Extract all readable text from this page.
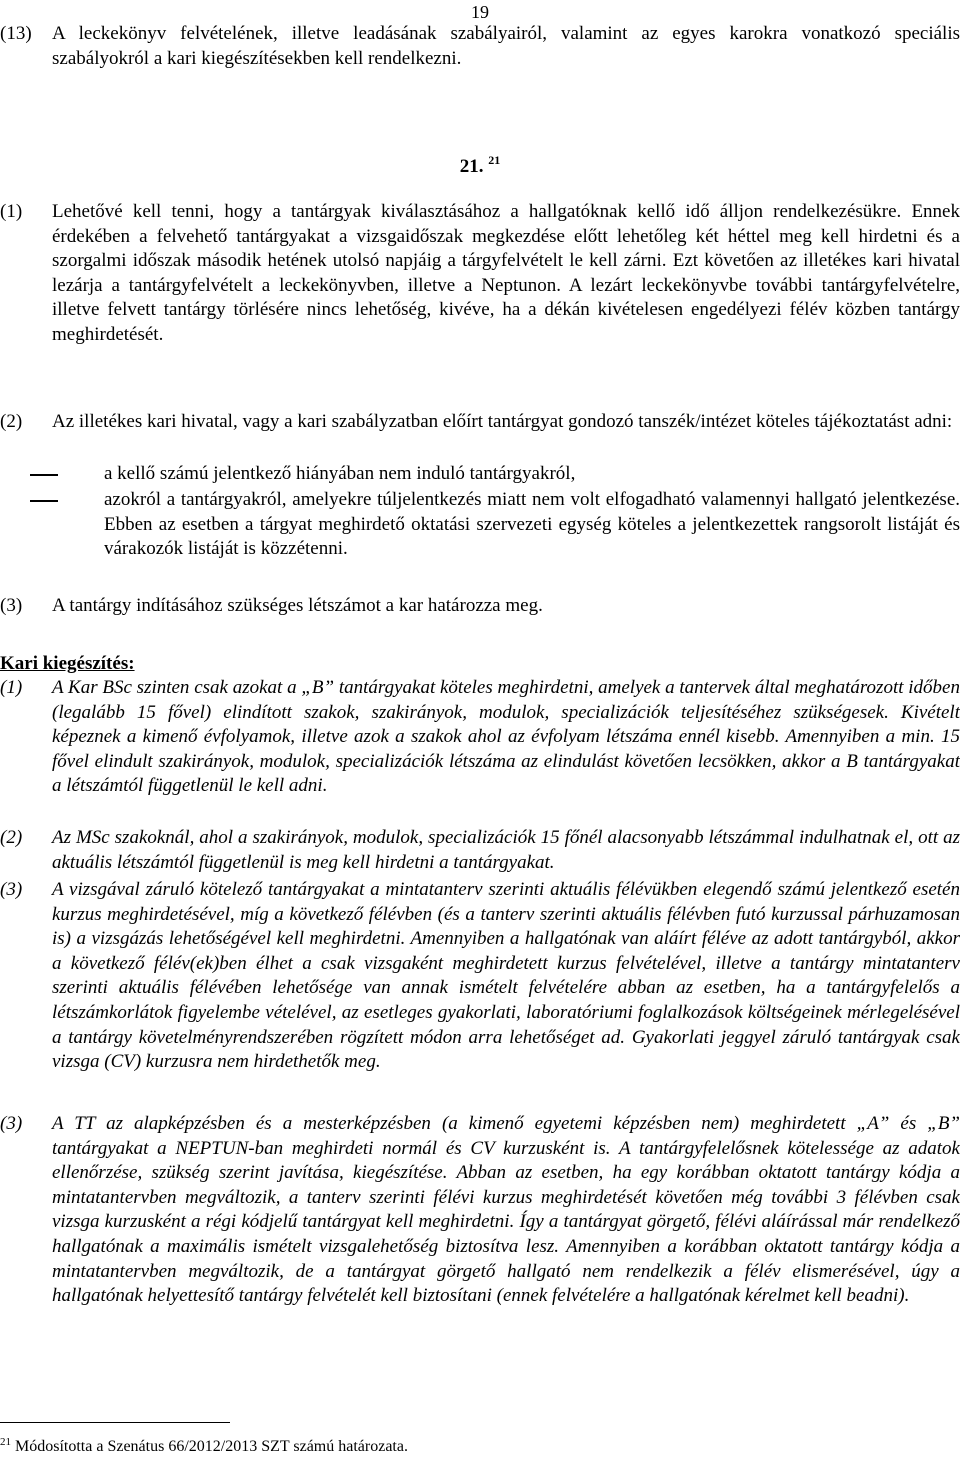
19

(13) A leckekönyv felvételének, illetve leadásának szabályairól, valamint az egyes karokra vonatkozó speciális szabályokról a kari kiegészítésekben kell rendelkezni.

21. $^{21}$

(1) Lehetővé kell tenni, hogy a tantárgyak kiválasztásához a hallgatóknak kellő idő álljon rendelkezésükre. Ennek érdekében a felvehető tantárgyakat a vizsgaidőszak megkezdése előtt lehetőleg két héttel meg kell hirdetni és a szorgalmi időszak második hetének utolsó napjáig a tárgyfelvételt le kell zárni. Ezt követően az illetékes kari hivatal lezárja a tantárgyfelvételt a leckekönyvben, illetve a Neptunon. A lezárt leckekönyvbe további tantárgyfelvételre, illetve felvett tantárgy törlésére nincs lehetőség, kivéve, ha a dékán kivételesen engedélyezi félév közben tantárgy meghirdetését.

(2) Az illetékes kari hivatal, vagy a kari szabályzatban előírt tantárgyat gondozó tanszék/intézet köteles tájékoztatást adni:

a kellő számú jelentkező hiányában nem induló tantárgyakról,

azokról a tantárgyakról, amelyekre túljelentkezés miatt nem volt elfogadható valamennyi hallgató jelentkezése. Ebben az esetben a tárgyat meghirdető oktatási szervezeti egység köteles a jelentkezettek rangsorolt listáját és várakozók listáját is közzétenni.

(3) A tantárgy indításához szükséges létszámot a kar határozza meg.

Kari kiegészítés:

(1) A Kar BSc szinten csak azokat a „B” tantárgyakat köteles meghirdetni, amelyek a tantervek által meghatározott időben (legalább 15 fővel) elindított szakok, szakirányok, modulok, specializációk teljesítéséhez szükségesek. Kivételt képeznek a kimenő évfolyamok, illetve azok a szakok ahol az évfolyam létszáma ennél kisebb. Amennyiben a min. 15 fővel elindult szakirányok, modulok, specializációk létszáma az elindulást követően lecsökken, akkor a B tantárgyakat a létszámtól függetlenül le kell adni.

(2) Az MSc szakoknál, ahol a szakirányok, modulok, specializációk 15 főnél alacsonyabb létszámmal indulhatnak el, ott az aktuális létszámtól függetlenül is meg kell hirdetni a tantárgyakat.

(3) A vizsgával záruló kötelező tantárgyakat a mintatanterv szerinti aktuális félévükben elegendő számú jelentkező esetén kurzus meghirdetésével, míg a következő félévben (és a tanterv szerinti aktuális félévben futó kurzussal párhuzamosan is) a vizsgázás lehetőségével kell meghirdetni. Amennyiben a hallgatónak van aláírt féléve az adott tantárgyból, akkor a következő félév(ek)ben élhet a csak vizsgaként meghirdetett kurzus felvételével, illetve a tantárgy mintatanterv szerinti aktuális félévében lehetősége van annak ismételt felvételére abban az esetben, ha a tantárgyfelelős a létszámkorlátok figyelembe vételével, az esetleges gyakorlati, laboratóriumi foglalkozások költségeinek mérlegelésével a tantárgy követelményrendszerében rögzített módon arra lehetőséget ad. Gyakorlati jeggyel záruló tantárgyak csak vizsga (CV) kurzusra nem hirdethetők meg.

(3) A TT az alapképzésben és a mesterképzésben (a kimenő egyetemi képzésben nem) meghirdetett „A” és „B” tantárgyakat a NEPTUN-ban meghirdeti normál és CV kurzusként is. A tantárgyfelelősnek kötelessége az adatok ellenőrzése, szükség szerint javítása, kiegészítése. Abban az esetben, ha egy korábban oktatott tantárgy kódja a mintatantervben megváltozik, a tanterv szerinti félévi kurzus meghirdetését követően még további 3 félévben csak vizsga kurzusként a régi kódjelű tantárgyat kell meghirdetni. Így a tantárgyat görgető, félévi aláírással már rendelkező hallgatónak a maximális ismételt vizsgalehetőség biztosítva lesz. Amennyiben a korábban oktatott tantárgy kódja a mintatantervben megváltozik, de a tantárgyat görgető hallgató nem rendelkezik a félév elismerésével, úgy a hallgatónak helyettesítő tantárgy felvételét kell biztosítani (ennek felvételére a hallgatónak kérelmet kell beadni).

$^{21}$ Módosította a Szenátus 66/2012/2013 SZT számú határozata.
